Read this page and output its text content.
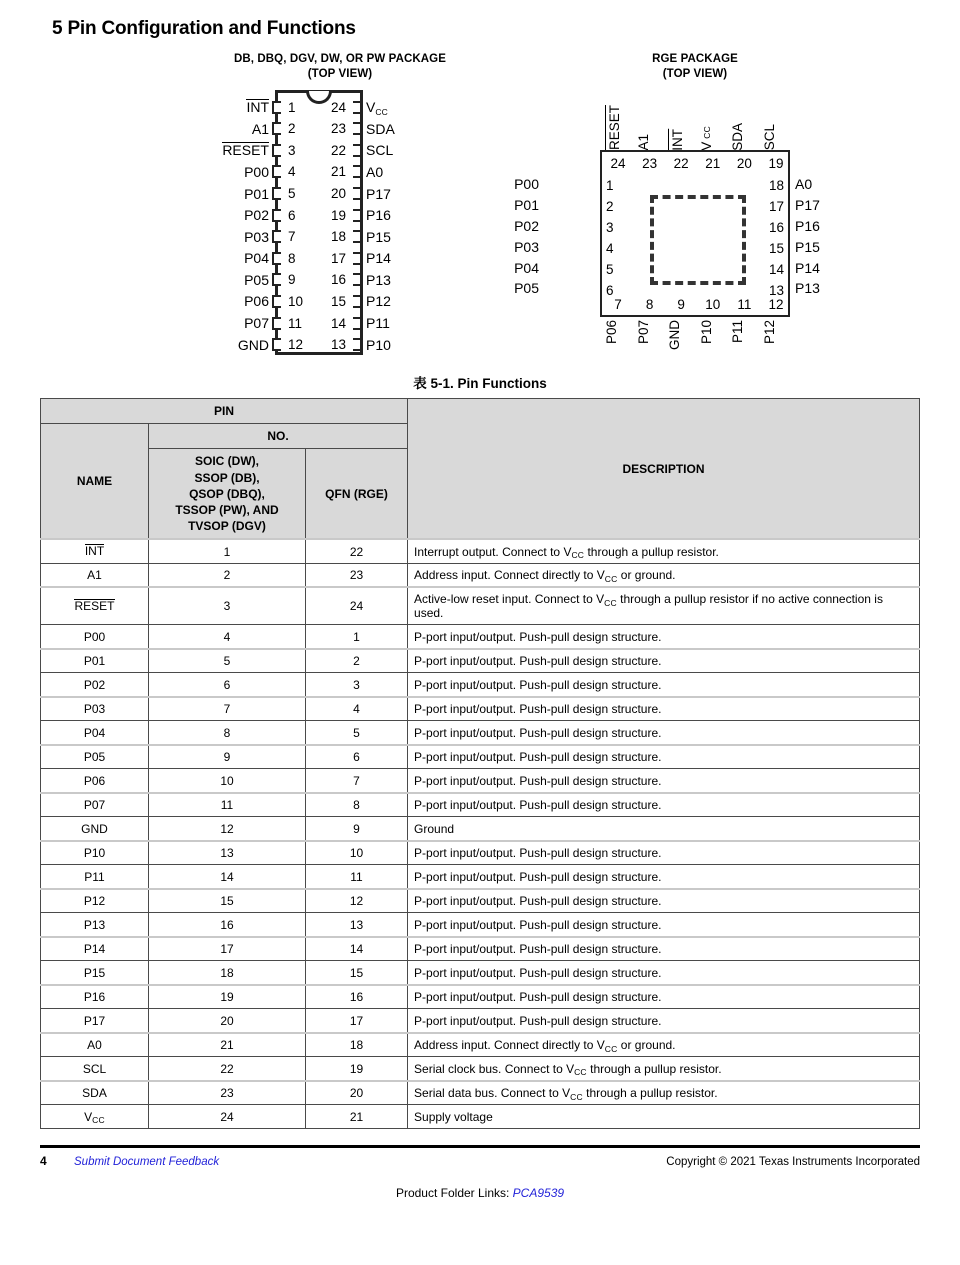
5 Pin Configuration and Functions
DB, DBQ, DGV, DW, OR PW PACKAGE
(TOP VIEW)
INT	1	24	$V_{CC}$
A1	2	23	SDA
RESET	3	22	SCL
P00	4	21	A0
P01	5	20	P17
P02	6	19	P16
P03	7	18	P15
P04	8	17	P14
P05	9	16	P13
P06	10	15	P12
P07	11	14	P11
GND	12	13	P10
RGE PACKAGE
(TOP VIEW)
RESET	A1	INT	$V_{CC}$	SDA	SCL
24 23 22 21 20 19
1
2
3
4
5
6
18
17
16
15
14
13
7	8	9	10 11 12
P00
P01
P02
P03
P04
P05
A0
P17
P16
P15
P14
P13
P06	P07	GND	P10	P11	P12
表 5-1. Pin Functions
PIN			DESCRIPTION
NAME	NO.		
	SOIC (DW),
SSOP (DB),
QSOP (DBQ),
TSSOP (PW), AND
TVSOP (DGV)	QFN (RGE)	
INT	1	22	Interrupt output. Connect to $V_{CC}$ through a pullup resistor.
A1	2	23	Address input. Connect directly to $V_{CC}$ or ground.
RESET	3	24	Active-low reset input. Connect to $V_{CC}$ through a pullup resistor if no active connection is used.
P00	4	1	P-port input/output. Push-pull design structure.
P01	5	2	P-port input/output. Push-pull design structure.
P02	6	3	P-port input/output. Push-pull design structure.
P03	7	4	P-port input/output. Push-pull design structure.
P04	8	5	P-port input/output. Push-pull design structure.
P05	9	6	P-port input/output. Push-pull design structure.
P06	10	7	P-port input/output. Push-pull design structure.
P07	11	8	P-port input/output. Push-pull design structure.
GND	12	9	Ground
P10	13	10	P-port input/output. Push-pull design structure.
P11	14	11	P-port input/output. Push-pull design structure.
P12	15	12	P-port input/output. Push-pull design structure.
P13	16	13	P-port input/output. Push-pull design structure.
P14	17	14	P-port input/output. Push-pull design structure.
P15	18	15	P-port input/output. Push-pull design structure.
P16	19	16	P-port input/output. Push-pull design structure.
P17	20	17	P-port input/output. Push-pull design structure.
A0	21	18	Address input. Connect directly to $V_{CC}$ or ground.
SCL	22	19	Serial clock bus. Connect to $V_{CC}$ through a pullup resistor.
SDA	23	20	Serial data bus. Connect to $V_{CC}$ through a pullup resistor.
$V_{CC}$	24	21	Supply voltage
4	Submit Document Feedback	Copyright © 2021 Texas Instruments Incorporated
Product Folder Links: PCA9539
